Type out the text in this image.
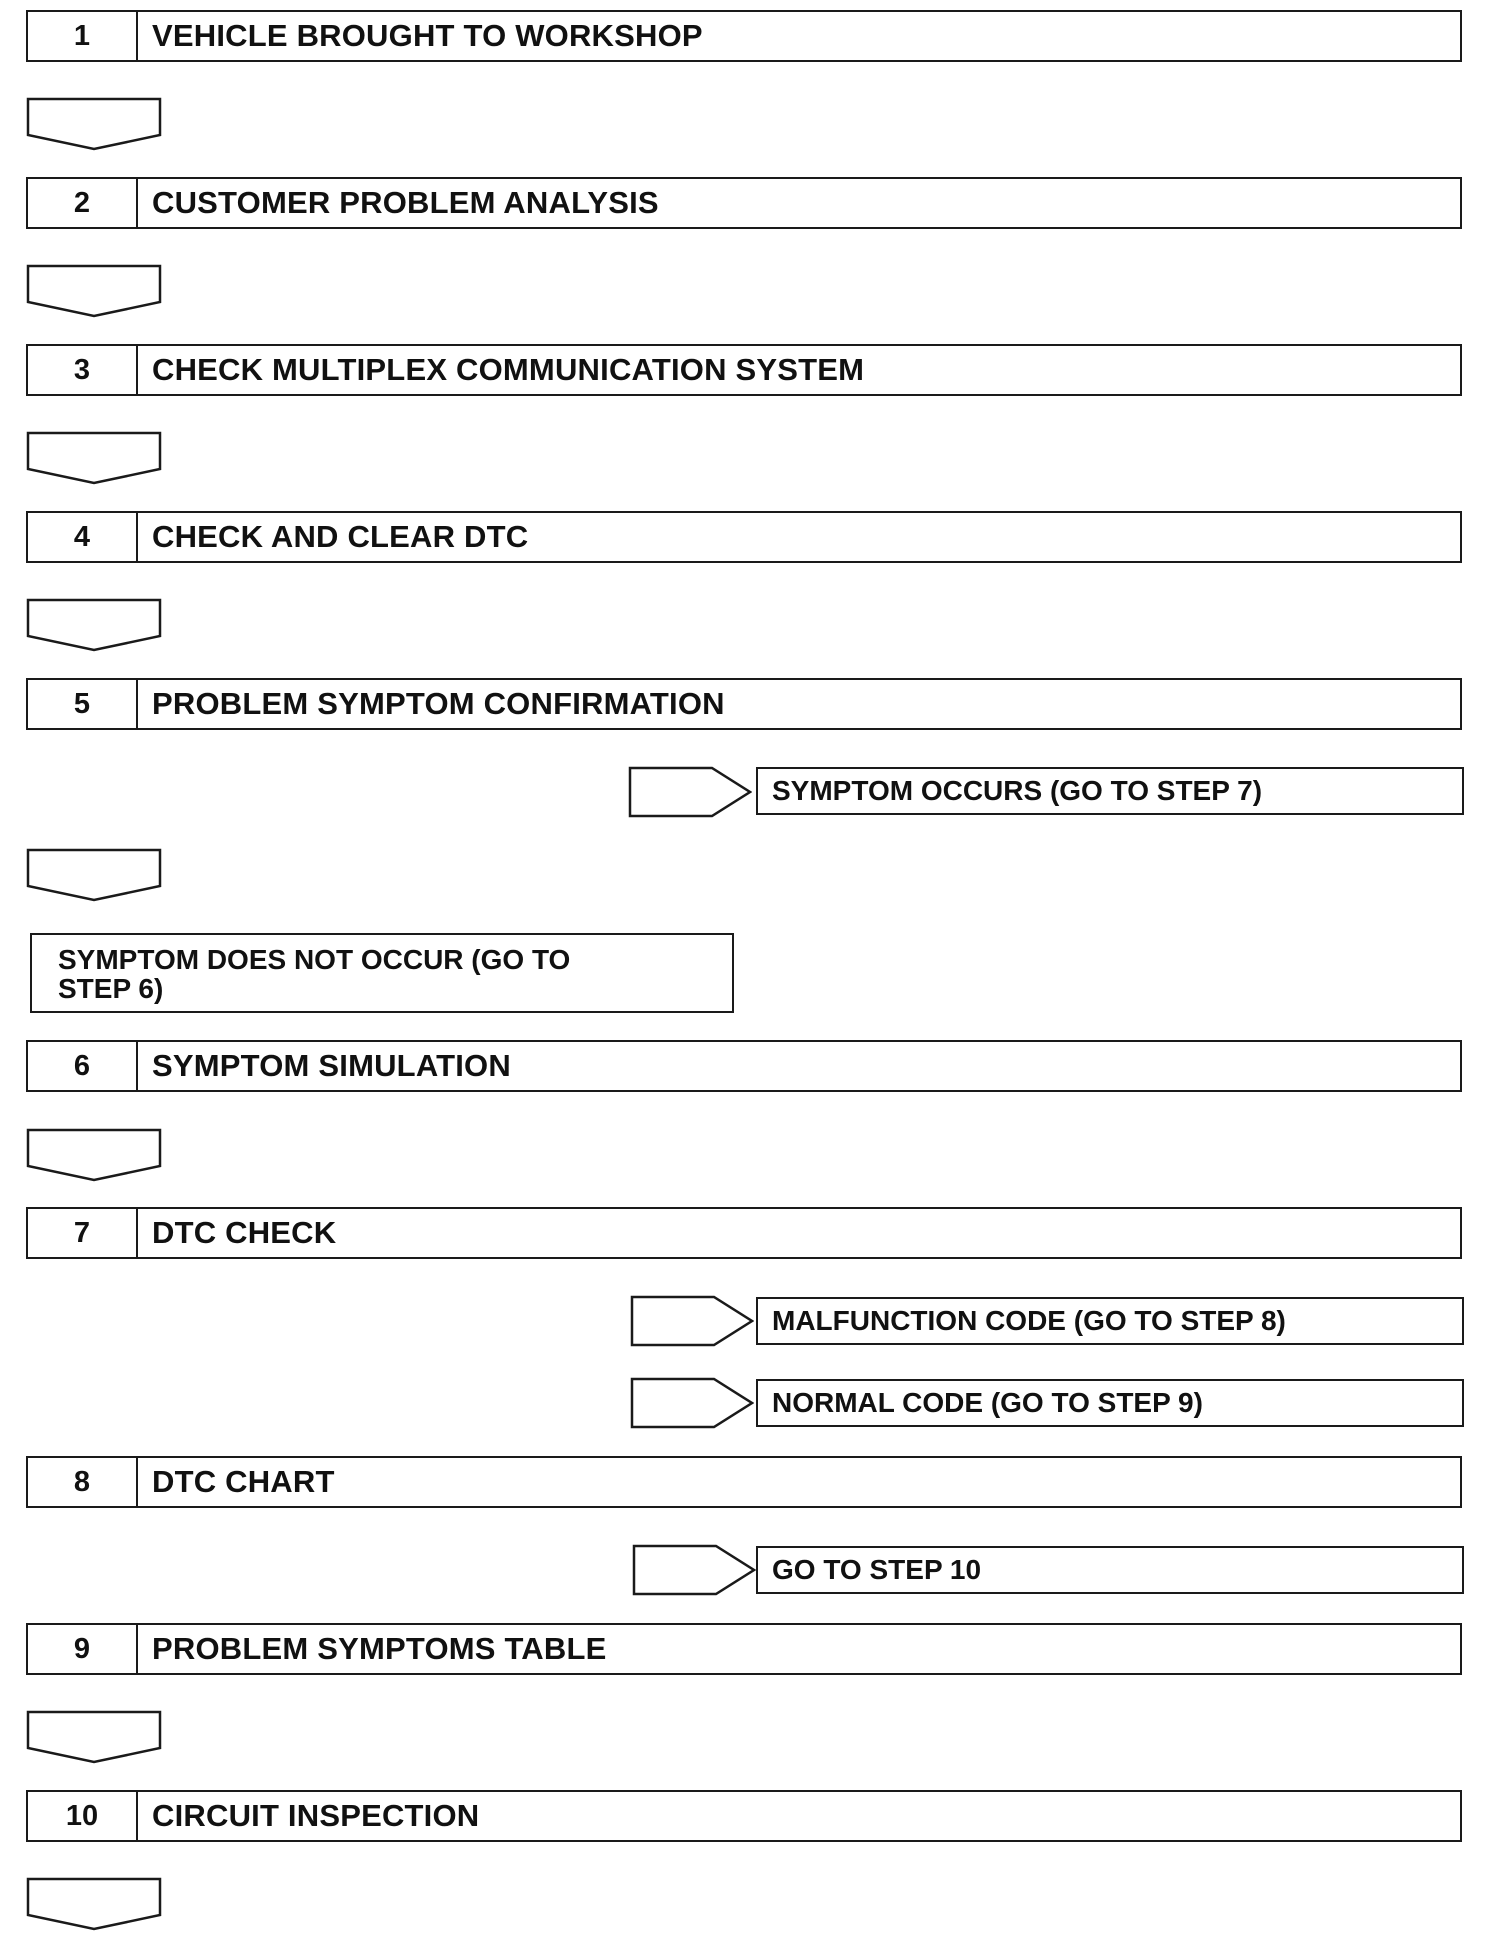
1	VEHICLE BROUGHT TO WORKSHOP
2	CUSTOMER PROBLEM ANALYSIS
3	CHECK MULTIPLEX COMMUNICATION SYSTEM
4	CHECK AND CLEAR DTC
5	PROBLEM SYMPTOM CONFIRMATION
6	SYMPTOM SIMULATION
7	DTC CHECK
8	DTC CHART
9	PROBLEM SYMPTOMS TABLE
10	CIRCUIT INSPECTION
SYMPTOM OCCURS (GO TO STEP 7)
MALFUNCTION CODE (GO TO STEP 8)
NORMAL CODE (GO TO STEP 9)
GO TO STEP 10
SYMPTOM DOES NOT OCCUR (GO TO
STEP 6)
